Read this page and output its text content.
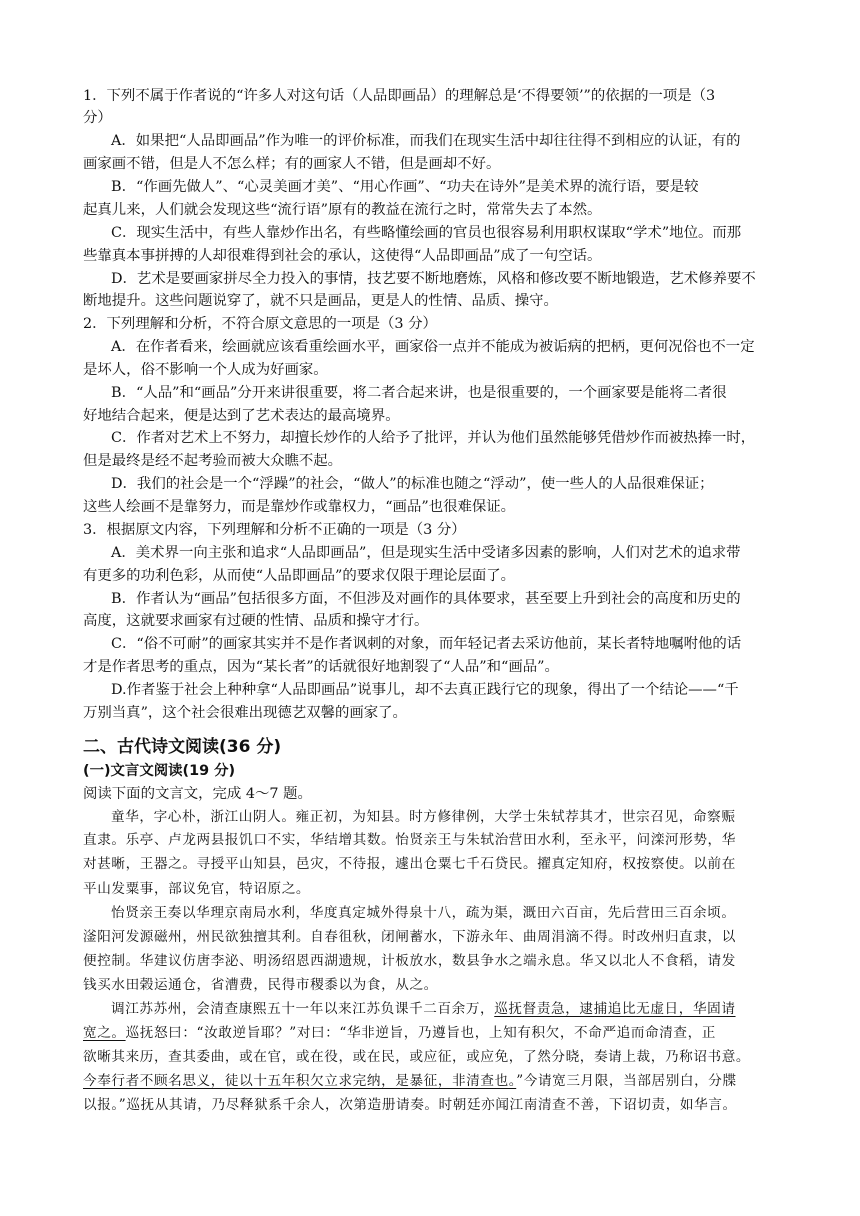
1．下列不属于作者说的“许多人对这句话（人品即画品）的理解总是‘不得要领’”的依据的一项是（3
分）
A．如果把“人品即画品”作为唯一的评价标准，而我们在现实生活中却往往得不到相应的认证，有的
画家画不错，但是人不怎么样；有的画家人不错，但是画却不好。
B．“作画先做人”、“心灵美画才美”、“用心作画”、“功夫在诗外”是美术界的流行语，要是较
起真儿来，人们就会发现这些“流行语”原有的教益在流行之时，常常失去了本然。
C．现实生活中，有些人靠炒作出名，有些略懂绘画的官员也很容易利用职权谋取“学术”地位。而那
些靠真本事拼搏的人却很难得到社会的承认，这使得“人品即画品”成了一句空话。
D．艺术是要画家拼尽全力投入的事情，技艺要不断地磨炼，风格和修改要不断地锻造，艺术修养要不
断地提升。这些问题说穿了，就不只是画品，更是人的性情、品质、操守。
2．下列理解和分析，不符合原文意思的一项是（3 分）
A．在作者看来，绘画就应该看重绘画水平，画家俗一点并不能成为被诟病的把柄，更何况俗也不一定
是坏人，俗不影响一个人成为好画家。
B．“人品”和“画品”分开来讲很重要，将二者合起来讲，也是很重要的，一个画家要是能将二者很
好地结合起来，便是达到了艺术表达的最高境界。
C．作者对艺术上不努力，却擅长炒作的人给予了批评，并认为他们虽然能够凭借炒作而被热捧一时，
但是最终是经不起考验而被大众瞧不起。
D．我们的社会是一个“浮躁”的社会，“做人”的标准也随之“浮动”，使一些人的人品很难保证；
这些人绘画不是靠努力，而是靠炒作或靠权力，“画品”也很难保证。
3．根据原文内容，下列理解和分析不正确的一项是（3 分）
A．美术界一向主张和追求“人品即画品”，但是现实生活中受诸多因素的影响，人们对艺术的追求带
有更多的功利色彩，从而使“人品即画品”的要求仅限于理论层面了。
B．作者认为“画品”包括很多方面，不但涉及对画作的具体要求，甚至要上升到社会的高度和历史的
高度，这就要求画家有过硬的性情、品质和操守才行。
C．“俗不可耐”的画家其实并不是作者讽刺的对象，而年轻记者去采访他前，某长者特地嘱咐他的话
才是作者思考的重点，因为“某长者”的话就很好地割裂了“人品”和“画品”。
D.作者鉴于社会上种种拿“人品即画品”说事儿，却不去真正践行它的现象，得出了一个结论——“千
万别当真”，这个社会很难出现德艺双馨的画家了。
二、古代诗文阅读(36 分)
(一)文言文阅读(19 分)
阅读下面的文言文，完成 4～7 题。
童华，字心朴，浙江山阴人。雍正初，为知县。时方修律例，大学士朱轼荐其才，世宗召见，命察赈
直隶。乐亭、卢龙两县报饥口不实，华结增其数。怡贤亲王与朱轼治营田水利，至永平，问滦河形势，华
对甚晰，王器之。寻授平山知县，邑灾，不待报，遽出仓粟七千石贷民。擢真定知府，权按察使。以前在
平山发粟事，部议免官，特诏原之。
怡贤亲王奏以华理京南局水利，华度真定城外得泉十八，疏为渠，溉田六百亩，先后营田三百余顷。
滏阳河发源磁州，州民欲独擅其利。自春徂秋，闭闸蓄水，下游永年、曲周涓滴不得。时改州归直隶，以
便控制。华建议仿唐李泌、明汤绍恩西湖遗规，计板放水，数县争水之端永息。华又以北人不食稻，请发
钱买水田榖运通仓，省漕费，民得市稷黍以为食，从之。
调江苏苏州，会清查康熙五十一年以来江苏负课千二百余万，巡抚督责急，逮捕追比无虚日，华固请
宽之。巡抚怒曰：“汝敢逆旨耶？”对曰：“华非逆旨，乃遵旨也，上知有积欠，不命严追而命清查，正
欲晰其来历，查其委曲，或在官，或在役，或在民，或应征，或应免，了然分晓，奏请上裁，乃称诏书意。
今奉行者不顾名思义，徒以十五年积欠立求完纳，是暴征，非清查也。”今请宽三月限，当部居别白，分牒
以报。”巡抚从其请，乃尽释狱系千余人，次第造册请奏。时朝廷亦闻江南清查不善，下诏切责，如华言。
